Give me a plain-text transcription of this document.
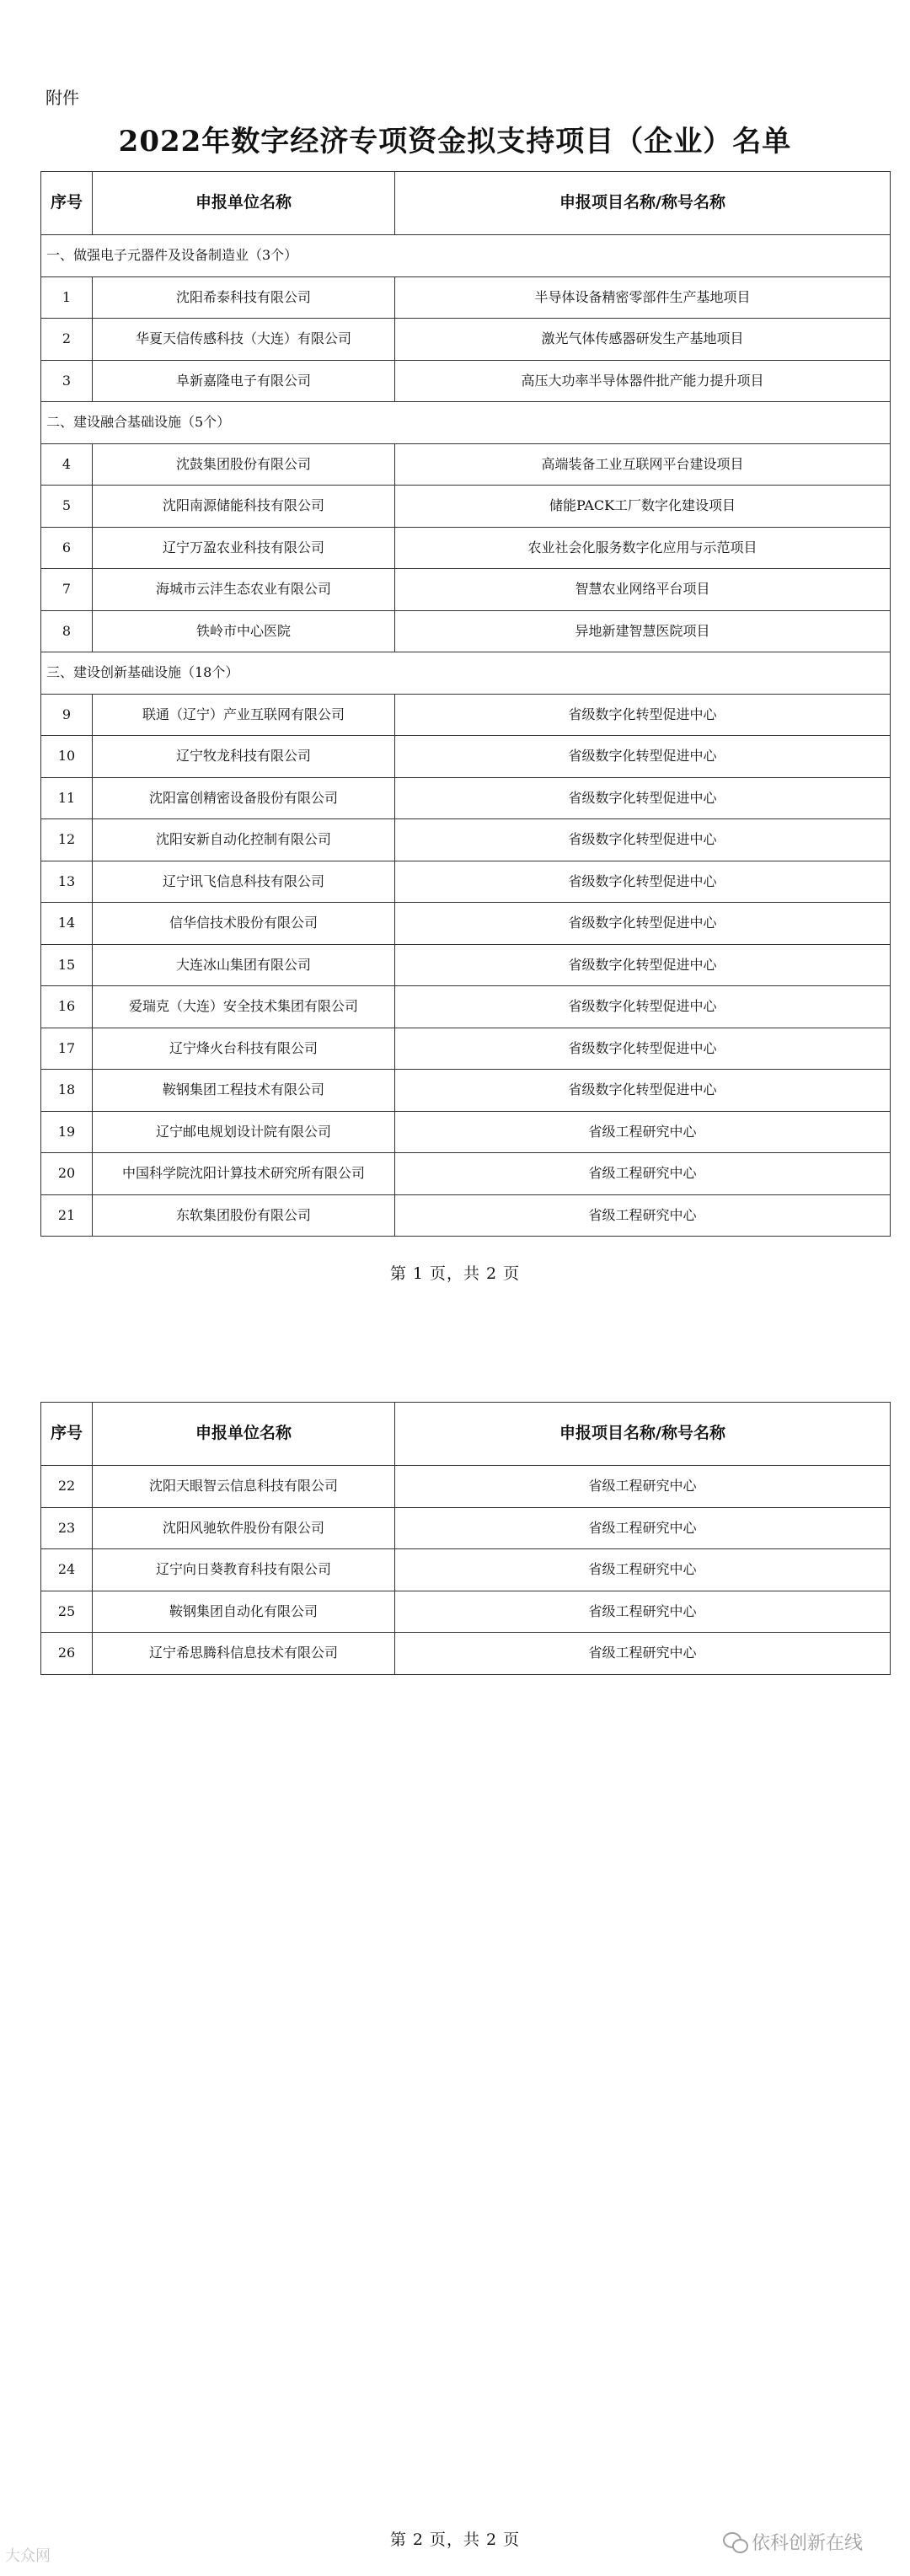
附件
2022年数字经济专项资金拟支持项目（企业）名单
序号	申报单位名称	申报项目名称/称号名称
一、做强电子元器件及设备制造业（3个）		
1	沈阳希泰科技有限公司	半导体设备精密零部件生产基地项目
2	华夏天信传感科技（大连）有限公司	激光气体传感器研发生产基地项目
3	阜新嘉隆电子有限公司	高压大功率半导体器件批产能力提升项目
二、建设融合基础设施（5个）		
4	沈鼓集团股份有限公司	高端装备工业互联网平台建设项目
5	沈阳南源储能科技有限公司	储能PACK工厂数字化建设项目
6	辽宁万盈农业科技有限公司	农业社会化服务数字化应用与示范项目
7	海城市云沣生态农业有限公司	智慧农业网络平台项目
8	铁岭市中心医院	异地新建智慧医院项目
三、建设创新基础设施（18个）		
9	联通（辽宁）产业互联网有限公司	省级数字化转型促进中心
10	辽宁牧龙科技有限公司	省级数字化转型促进中心
11	沈阳富创精密设备股份有限公司	省级数字化转型促进中心
12	沈阳安新自动化控制有限公司	省级数字化转型促进中心
13	辽宁讯飞信息科技有限公司	省级数字化转型促进中心
14	信华信技术股份有限公司	省级数字化转型促进中心
15	大连冰山集团有限公司	省级数字化转型促进中心
16	爱瑞克（大连）安全技术集团有限公司	省级数字化转型促进中心
17	辽宁烽火台科技有限公司	省级数字化转型促进中心
18	鞍钢集团工程技术有限公司	省级数字化转型促进中心
19	辽宁邮电规划设计院有限公司	省级工程研究中心
20	中国科学院沈阳计算技术研究所有限公司	省级工程研究中心
21	东软集团股份有限公司	省级工程研究中心
第 1 页，共 2 页
序号	申报单位名称	申报项目名称/称号名称
22	沈阳天眼智云信息科技有限公司	省级工程研究中心
23	沈阳风驰软件股份有限公司	省级工程研究中心
24	辽宁向日葵教育科技有限公司	省级工程研究中心
25	鞍钢集团自动化有限公司	省级工程研究中心
26	辽宁希思腾科信息技术有限公司	省级工程研究中心
第 2 页，共 2 页
大众网
依科创新在线
